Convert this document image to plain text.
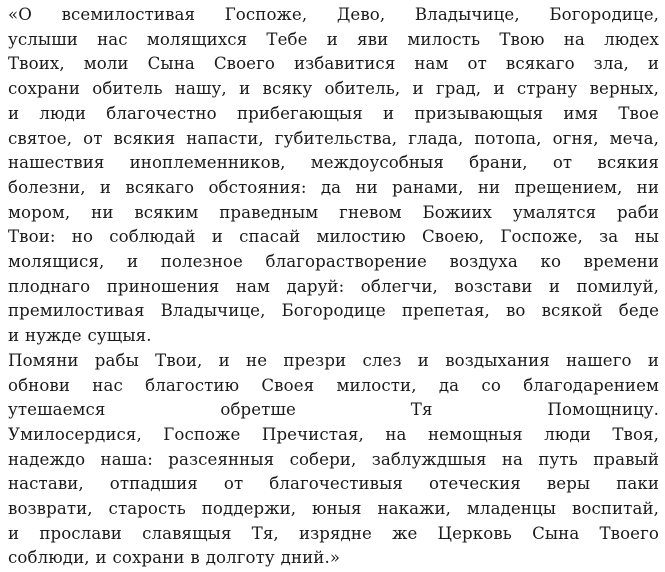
«О всемилостивая Госпоже, Дево, Владычице, Богородице,
услыши нас молящихся Тебе и яви милость Твою на людех
Твоих, моли Сына Своего избавитися нам от всякаго зла, и
сохрани обитель нашу, и всяку обитель, и град, и страну верных,
и люди благочестно прибегающыя и призывающыя имя Твое
святое, от всякия напасти, губительства, глада, потопа, огня, меча,
нашествия иноплеменников, междоусобныя брани, от всякия
болезни, и всякаго обстояния: да ни ранами, ни прещением, ни
мором, ни всяким праведным гневом Божиих умалятся раби
Твои: но соблюдай и спасай милостию Своею, Госпоже, за ны
молящися, и полезное благорастворение воздуха ко времени
плоднаго приношения нам даруй: облегчи, возстави и помилуй,
премилостивая Владычице, Богородице препетая, во всякой беде
и нужде сущыя.

Помяни рабы Твои, и не презри слез и воздыхания нашего и
обнови нас благостию Своея милости, да со благодарением
утешаемся обретше Тя Помощницу.
Умилосердися, Госпоже Пречистая, на немощныя люди Твоя,
надеждо наша: разсеянныя собери, заблуждшыя на путь правый
настави, отпадшия от благочестивыя отеческия веры паки
возврати, старость поддержи, юныя накажи, младенцы воспитай,
и прослави славящыя Тя, изрядне же Церковь Сына Твоего
соблюди, и сохрани в долготу дний.»
